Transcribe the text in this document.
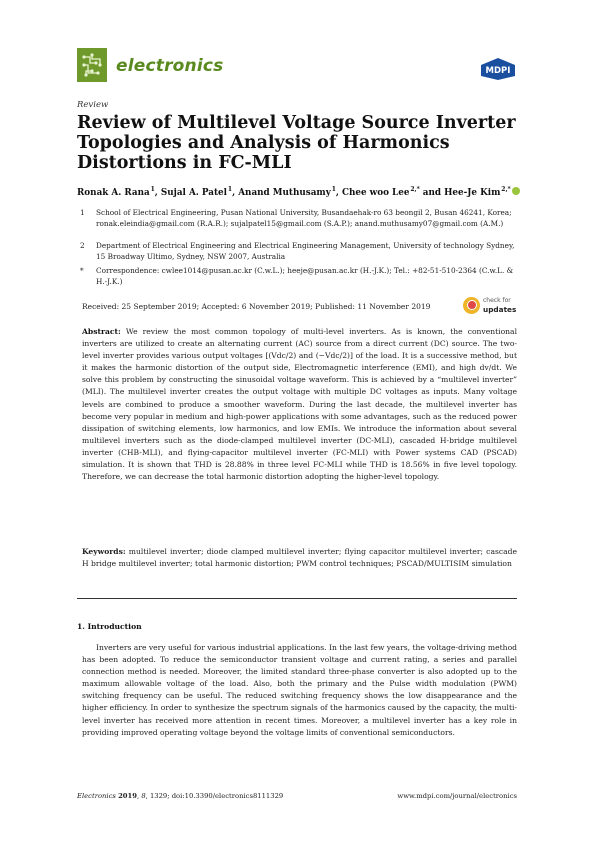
electronics	MDPI
Review
Review of Multilevel Voltage Source Inverter Topologies and Analysis of Harmonics Distortions in FC-MLI
Ronak A. Rana $^1$, Sujal A. Patel $^1$, Anand Muthusamy $^1$, Chee woo Lee $^{2,*}$ and Hee-Je Kim $^{2,*}$
1 School of Electrical Engineering, Pusan National University, Busandaehak-ro 63 beongil 2, Busan 46241, Korea; ronak.eleindia@gmail.com (R.A.R.); sujalpatel15@gmail.com (S.A.P.); anand.muthusamy07@gmail.com (A.M.)
2 Department of Electrical Engineering and Electrical Engineering Management, University of technology Sydney, 15 Broadway Ultimo, Sydney, NSW 2007, Australia
* Correspondence: cwlee1014@pusan.ac.kr (C.w.L.); heeje@pusan.ac.kr (H.-J.K.); Tel.: +82-51-510-2364 (C.w.L. & H.-J.K.)
Received: 25 September 2019; Accepted: 6 November 2019; Published: 11 November 2019
check for
updates
Abstract: We review the most common topology of multi-level inverters. As is known, the conventional inverters are utilized to create an alternating current (AC) source from a direct current (DC) source. The two-level inverter provides various output voltages [(Vdc/2) and (−Vdc/2)] of the load. It is a successive method, but it makes the harmonic distortion of the output side, Electromagnetic interference (EMI), and high dv/dt. We solve this problem by constructing the sinusoidal voltage waveform. This is achieved by a “multilevel inverter” (MLI). The multilevel inverter creates the output voltage with multiple DC voltages as inputs. Many voltage levels are combined to produce a smoother waveform. During the last decade, the multilevel inverter has become very popular in medium and high-power applications with some advantages, such as the reduced power dissipation of switching elements, low harmonics, and low EMIs. We introduce the information about several multilevel inverters such as the diode-clamped multilevel inverter (DC-MLI), cascaded H-bridge multilevel inverter (CHB-MLI), and flying-capacitor multilevel inverter (FC-MLI) with Power systems CAD (PSCAD) simulation. It is shown that THD is 28.88% in three level FC-MLI while THD is 18.56% in five level topology. Therefore, we can decrease the total harmonic distortion adopting the higher-level topology.
Keywords: multilevel inverter; diode clamped multilevel inverter; flying capacitor multilevel inverter; cascade H bridge multilevel inverter; total harmonic distortion; PWM control techniques; PSCAD/MULTISIM simulation
1. Introduction
Inverters are very useful for various industrial applications. In the last few years, the voltage-driving method has been adopted. To reduce the semiconductor transient voltage and current rating, a series and parallel connection method is needed. Moreover, the limited standard three-phase converter is also adopted up to the maximum allowable voltage of the load. Also, both the primary and the Pulse width modulation (PWM) switching frequency can be useful. The reduced switching frequency shows the low disappearance and the higher efficiency. In order to synthesize the spectrum signals of the harmonics caused by the capacity, the multi-level inverter has received more attention in recent times. Moreover, a multilevel inverter has a key role in providing improved operating voltage beyond the voltage limits of conventional semiconductors.
Electronics 2019, 8, 1329; doi:10.3390/electronics8111329	www.mdpi.com/journal/electronics
